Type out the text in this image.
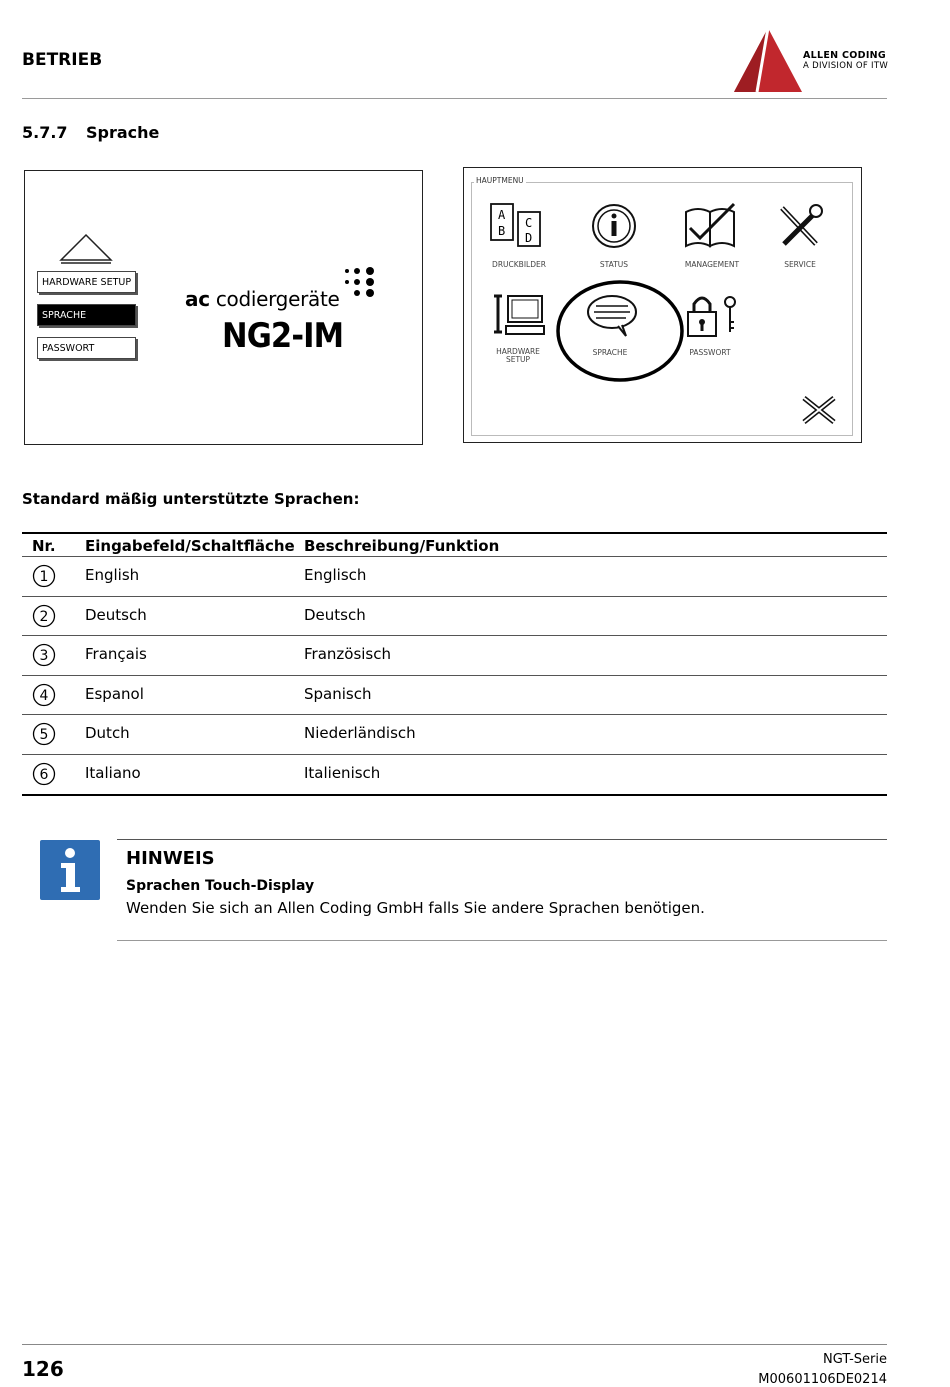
BETRIEB	ALLEN CODING
A DIVISION OF ITW
5.7.7 Sprache
HARDWARE SETUP
SPRACHE
PASSWORT
ac codiergeräte
NG2-IM
HAUPTMENU
A
B
C
D
DRUCKBILDER	STATUS	MANAGEMENT	SERVICE
HARDWARE
SETUP
SPRACHE	PASSWORT
Standard mäßig unterstützte Sprachen:
Nr. Eingabefeld/Schaltfläche Beschreibung/Funktion
1 English	Englisch
2 Deutsch	Deutsch
3 Français	Französisch
4 Espanol	Spanisch
5 Dutch	Niederländisch
6 Italiano	Italienisch
HINWEIS
Sprachen Touch-Display
Wenden Sie sich an Allen Coding GmbH falls Sie andere Sprachen benötigen.
126	NGT-Serie
M00601106DE0214
